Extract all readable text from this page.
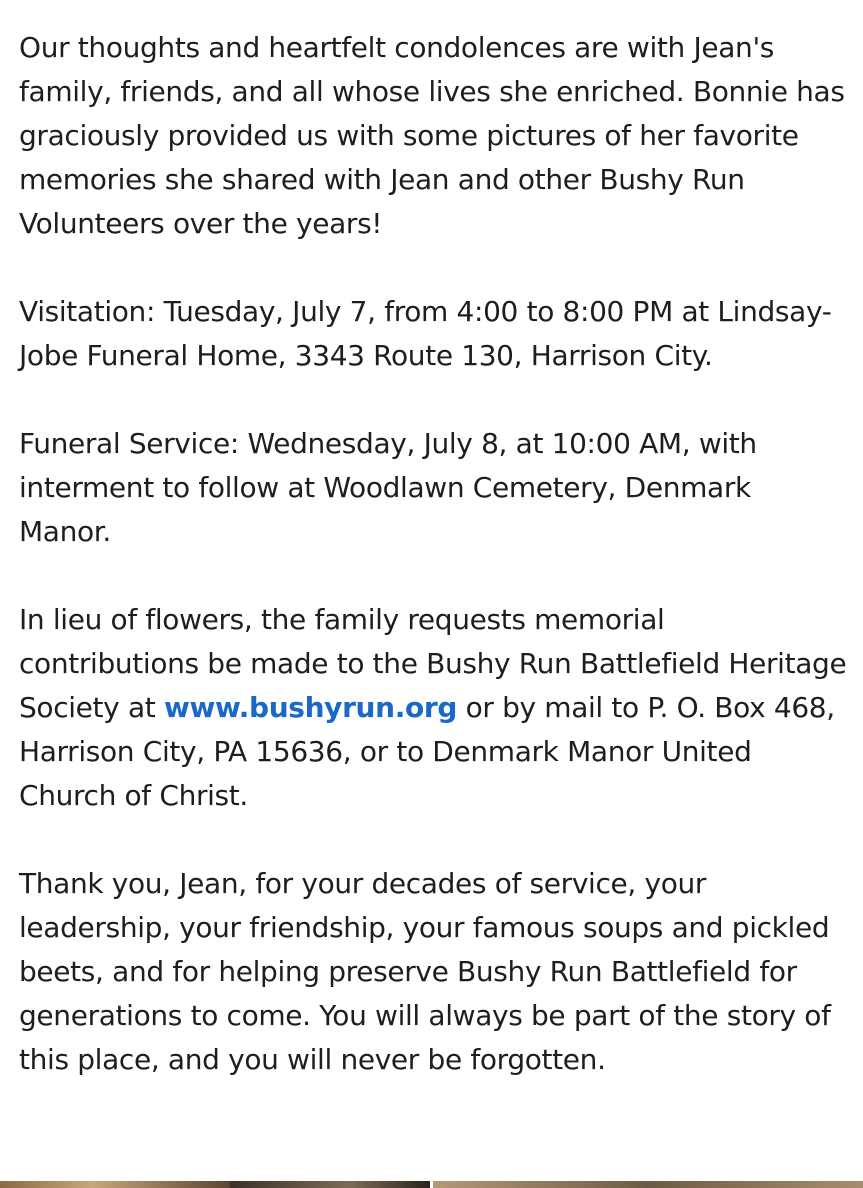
Our thoughts and heartfelt condolences are with Jean's family, friends, and all whose lives she enriched. Bonnie has graciously provided us with some pictures of her favorite memories she shared with Jean and other Bushy Run Volunteers over the years!

Visitation: Tuesday, July 7, from 4:00 to 8:00 PM at Lindsay-Jobe Funeral Home, 3343 Route 130, Harrison City.

Funeral Service: Wednesday, July 8, at 10:00 AM, with interment to follow at Woodlawn Cemetery, Denmark Manor.

In lieu of flowers, the family requests memorial contributions be made to the Bushy Run Battlefield Heritage Society at www.bushyrun.org or by mail to P. O. Box 468, Harrison City, PA 15636, or to Denmark Manor United Church of Christ.

Thank you, Jean, for your decades of service, your leadership, your friendship, your famous soups and pickled beets, and for helping preserve Bushy Run Battlefield for generations to come. You will always be part of the story of this place, and you will never be forgotten.
